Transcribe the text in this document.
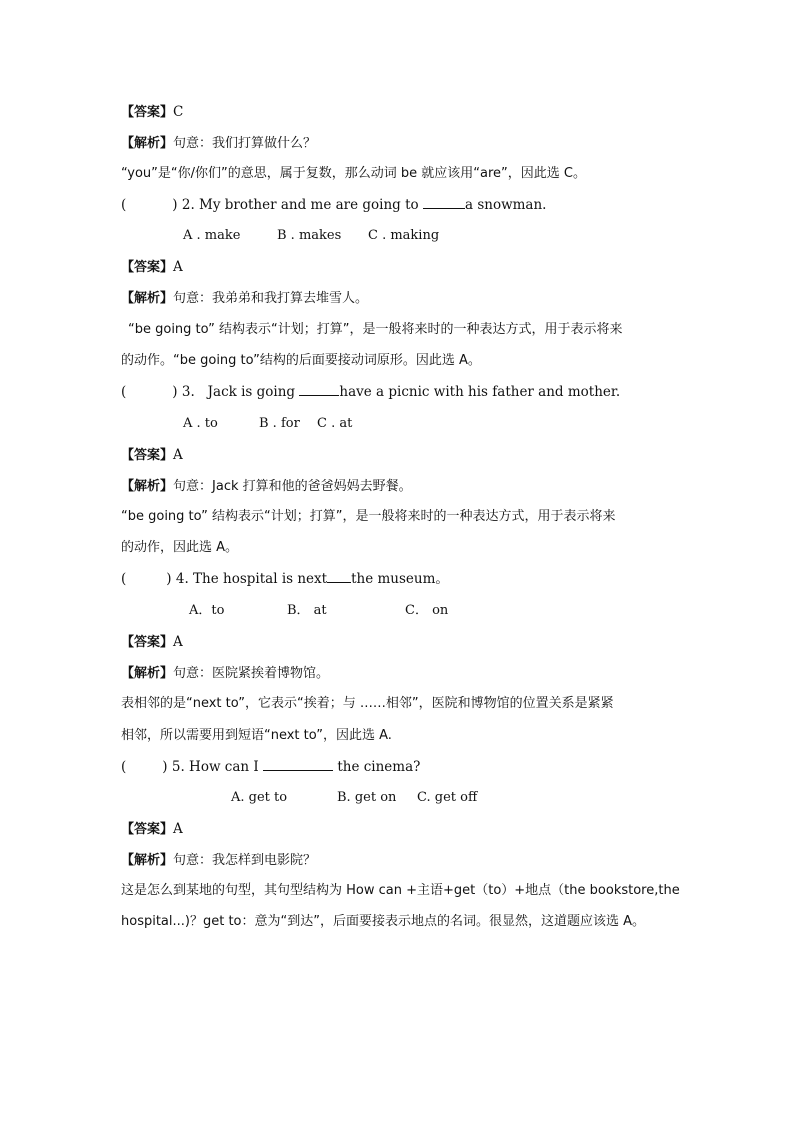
【答案】C
【解析】句意：我们打算做什么？
“you”是“你/你们”的意思，属于复数，那么动词 be 就应该用“are”，因此选 C。
(	) 2. My brother and me are going to	a snowman.
A . make	B . makes C . making
【答案】A
【解析】句意：我弟弟和我打算去堆雪人。
“be going to” 结构表示“计划；打算”，是一般将来时的一种表达方式，用于表示将来
的动作。“be going to”结构的后面要接动词原形。因此选 A。
(	) 3. Jack is going	have a picnic with his father and mother.
A . to	B . for C . at
【答案】A
【解析】句意：Jack 打算和他的爸爸妈妈去野餐。
“be going to” 结构表示“计划；打算”，是一般将来时的一种表达方式，用于表示将来
的动作，因此选 A。
(	) 4. The hospital is next the museum。
A．to	B． at	C． on
【答案】A
【解析】句意：医院紧挨着博物馆。
表相邻的是“next to”，它表示“挨着；与 ……相邻”，医院和博物馆的位置关系是紧紧
相邻，所以需要用到短语“next to”，因此选 A.
(	) 5. How can I	the cinema?
A. get to	B. get on C. get off
【答案】A
【解析】句意：我怎样到电影院？
这是怎么到某地的句型，其句型结构为 How can +主语+get（to）+地点（the bookstore,the
hospital...)？get to：意为“到达”，后面要接表示地点的名词。很显然，这道题应该选 A。
